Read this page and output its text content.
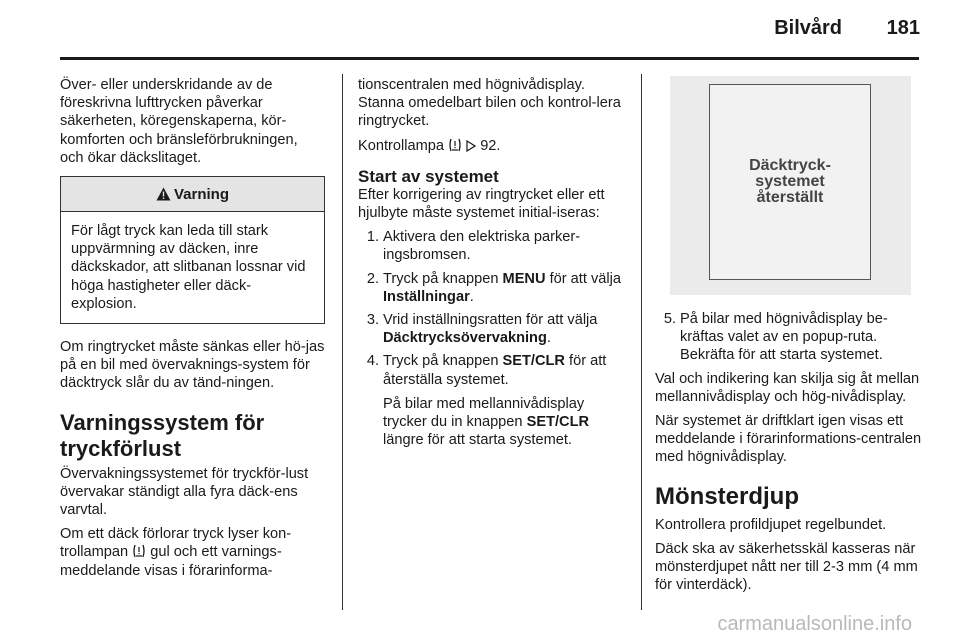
Bilvård 181

Över- eller underskridande av de föreskrivna lufttrycken påverkar säkerheten, köregenskaperna, kör-komforten och bränsleförbrukningen, och ökar däckslitaget.

Varning

För lågt tryck kan leda till stark uppvärmning av däcken, inre däckskador, att slitbanan lossnar vid höga hastigheter eller däck-explosion.

Om ringtrycket måste sänkas eller hö-jas på en bil med övervaknings-system för däcktryck slår du av tänd-ningen.

Varningssystem för tryckförlust

Övervakningssystemet för tryckför-lust övervakar ständigt alla fyra däck-ens varvtal.

Om ett däck förlorar tryck lyser kon-trollampan gul och ett varnings-meddelande visas i förarinforma-

tionscentralen med högnivådisplay. Stanna omedelbart bilen och kontrol-lera ringtrycket.

Kontrollampa 92.

Start av systemet

Efter korrigering av ringtrycket eller ett hjulbyte måste systemet initial-iseras:

1. Aktivera den elektriska parker-ingsbromsen.
2. Tryck på knappen MENU för att välja Inställningar.
3. Vrid inställningsratten för att välja Däcktrycksövervakning.
4. Tryck på knappen SET/CLR för att återställa systemet.

På bilar med mellannivådisplay trycker du in knappen SET/CLR längre för att starta systemet.

Däcktryck-
systemet
återställt
5. På bilar med högnivådisplay be-kräftas valet av en popup-ruta. Bekräfta för att starta systemet.

Val och indikering kan skilja sig åt mellan mellannivådisplay och hög-nivådisplay.

När systemet är driftklart igen visas ett meddelande i förarinformations-centralen med högnivådisplay.

Mönsterdjup

Kontrollera profildjupet regelbundet.

Däck ska av säkerhetsskäl kasseras när mönsterdjupet nått ner till 2-3 mm (4 mm för vinterdäck).

carmanualsonline.info
